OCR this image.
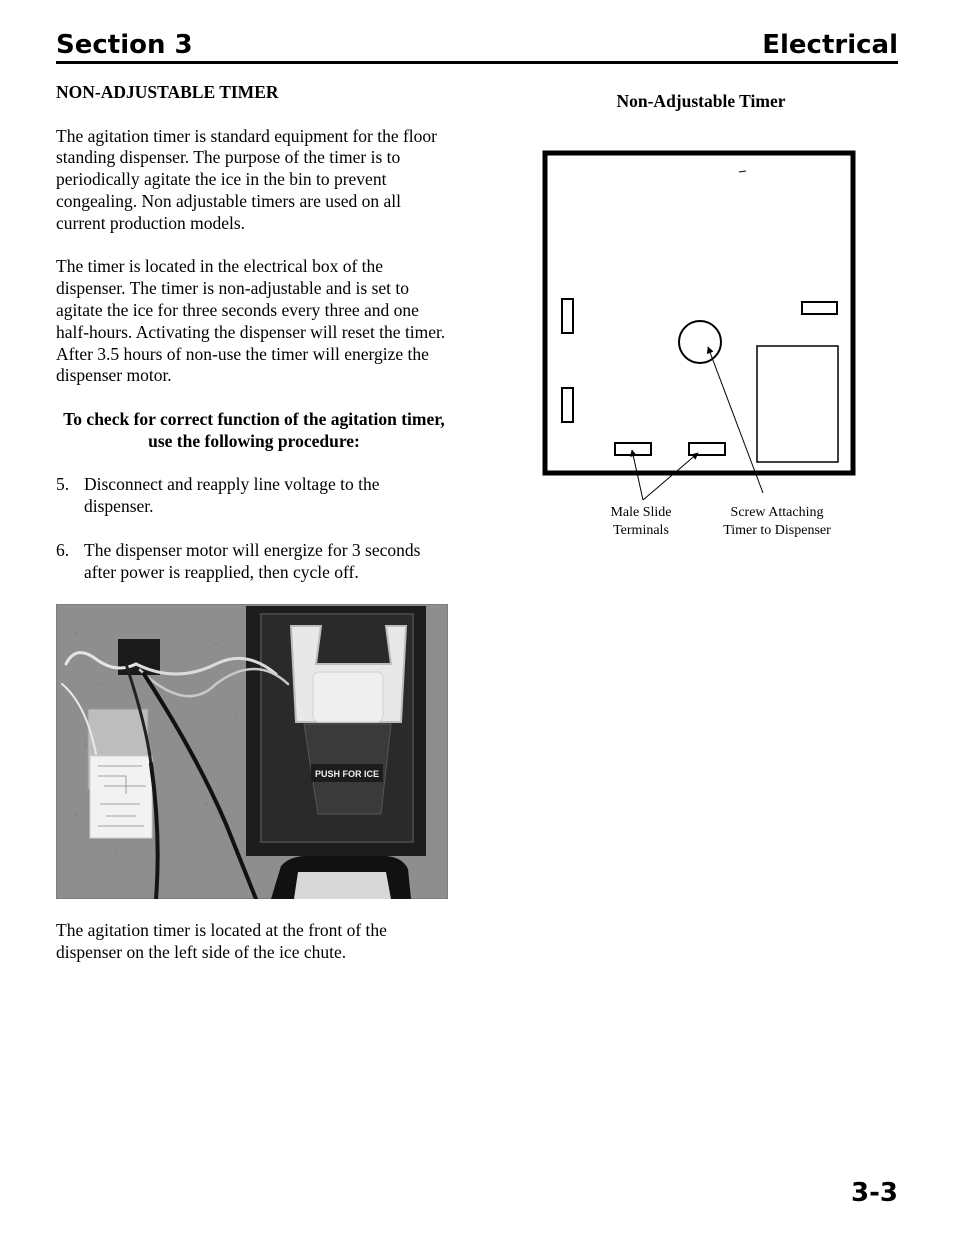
Section 3	Electrical
NON-ADJUSTABLE TIMER
The agitation timer is standard equipment for the floor standing dispenser. The purpose of the timer is to periodically agitate the ice in the bin to prevent congealing. Non adjustable timers are used on all current production models.
The timer is located in the electrical box of the dispenser. The timer is non-adjustable and is set to agitate the ice for three seconds every three and one half-hours. Activating the dispenser will reset the timer. After 3.5 hours of non-use the timer will energize the dispenser motor.
To check for correct function of the agitation timer, use the following procedure:
5. Disconnect and reapply line voltage to the dispenser.
6. The dispenser motor will energize for 3 seconds after power is reapplied, then cycle off.
PUSH FOR ICE
The agitation timer is located at the front of the dispenser on the left side of the ice chute.
Non-Adjustable Timer
Male Slide
Terminals
Screw Attaching
Timer to Dispenser
3-3
